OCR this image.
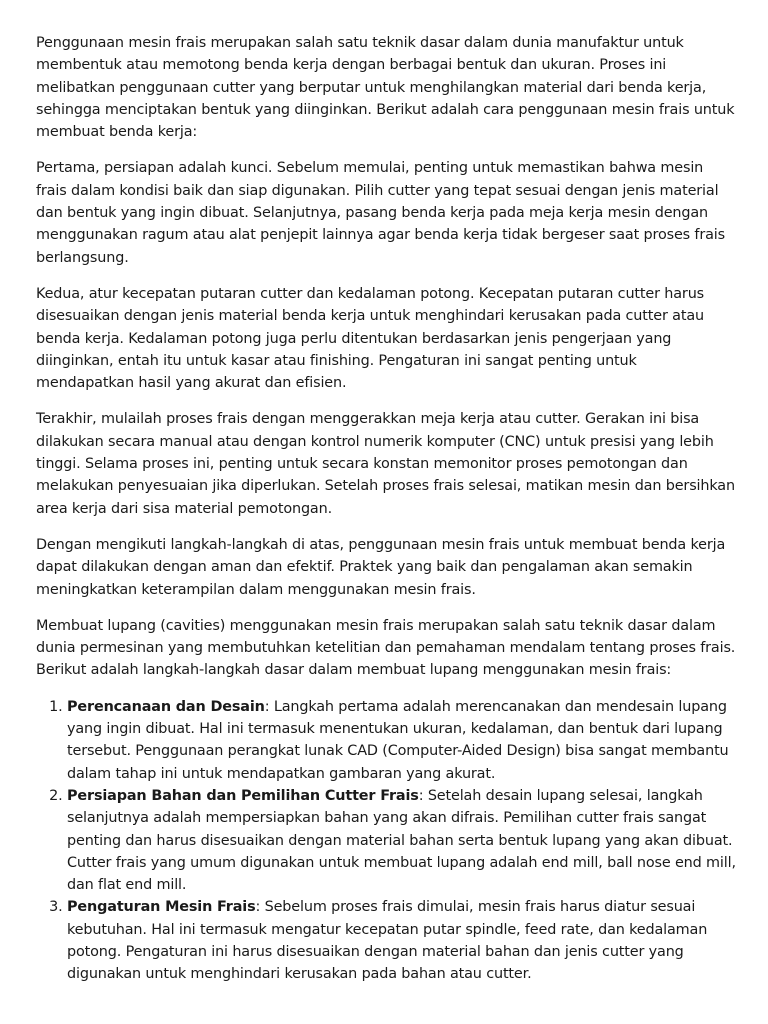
Penggunaan mesin frais merupakan salah satu teknik dasar dalam dunia manufaktur untuk membentuk atau memotong benda kerja dengan berbagai bentuk dan ukuran. Proses ini melibatkan penggunaan cutter yang berputar untuk menghilangkan material dari benda kerja, sehingga menciptakan bentuk yang diinginkan. Berikut adalah cara penggunaan mesin frais untuk membuat benda kerja:

Pertama, persiapan adalah kunci. Sebelum memulai, penting untuk memastikan bahwa mesin frais dalam kondisi baik dan siap digunakan. Pilih cutter yang tepat sesuai dengan jenis material dan bentuk yang ingin dibuat. Selanjutnya, pasang benda kerja pada meja kerja mesin dengan menggunakan ragum atau alat penjepit lainnya agar benda kerja tidak bergeser saat proses frais berlangsung.

Kedua, atur kecepatan putaran cutter dan kedalaman potong. Kecepatan putaran cutter harus disesuaikan dengan jenis material benda kerja untuk menghindari kerusakan pada cutter atau benda kerja. Kedalaman potong juga perlu ditentukan berdasarkan jenis pengerjaan yang diinginkan, entah itu untuk kasar atau finishing. Pengaturan ini sangat penting untuk mendapatkan hasil yang akurat dan efisien.

Terakhir, mulailah proses frais dengan menggerakkan meja kerja atau cutter. Gerakan ini bisa dilakukan secara manual atau dengan kontrol numerik komputer (CNC) untuk presisi yang lebih tinggi. Selama proses ini, penting untuk secara konstan memonitor proses pemotongan dan melakukan penyesuaian jika diperlukan. Setelah proses frais selesai, matikan mesin dan bersihkan area kerja dari sisa material pemotongan.

Dengan mengikuti langkah-langkah di atas, penggunaan mesin frais untuk membuat benda kerja dapat dilakukan dengan aman dan efektif. Praktek yang baik dan pengalaman akan semakin meningkatkan keterampilan dalam menggunakan mesin frais.

Membuat lupang (cavities) menggunakan mesin frais merupakan salah satu teknik dasar dalam dunia permesinan yang membutuhkan ketelitian dan pemahaman mendalam tentang proses frais. Berikut adalah langkah-langkah dasar dalam membuat lupang menggunakan mesin frais:

1. Perencanaan dan Desain: Langkah pertama adalah merencanakan dan mendesain lupang yang ingin dibuat. Hal ini termasuk menentukan ukuran, kedalaman, dan bentuk dari lupang tersebut. Penggunaan perangkat lunak CAD (Computer-Aided Design) bisa sangat membantu dalam tahap ini untuk mendapatkan gambaran yang akurat.
2. Persiapan Bahan dan Pemilihan Cutter Frais: Setelah desain lupang selesai, langkah selanjutnya adalah mempersiapkan bahan yang akan difrais. Pemilihan cutter frais sangat penting dan harus disesuaikan dengan material bahan serta bentuk lupang yang akan dibuat. Cutter frais yang umum digunakan untuk membuat lupang adalah end mill, ball nose end mill, dan flat end mill.
3. Pengaturan Mesin Frais: Sebelum proses frais dimulai, mesin frais harus diatur sesuai kebutuhan. Hal ini termasuk mengatur kecepatan putar spindle, feed rate, dan kedalaman potong. Pengaturan ini harus disesuaikan dengan material bahan dan jenis cutter yang digunakan untuk menghindari kerusakan pada bahan atau cutter.
